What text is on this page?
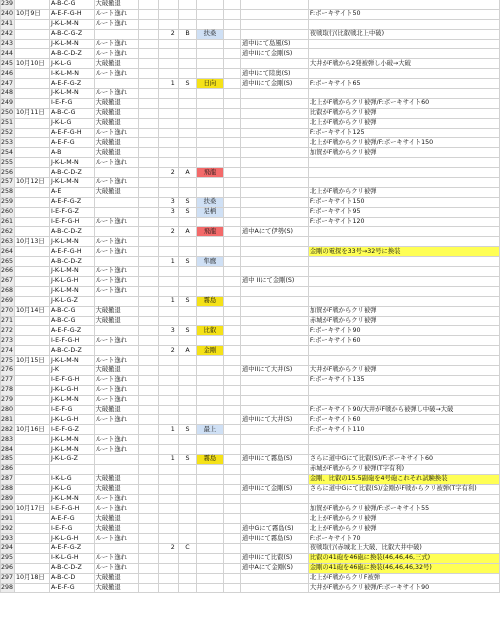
239		A-B-C-G	大破撤退							
240	10月9日	A-E-F-G-H	ルート逸れ							F:ボーキサイト50
241		J-K-L-M-N	ルート逸れ							
242		A-B-C-G-Z			2	B	扶桑			夜戦取行(比叡戦北上中破)
243		J-K-L-M-N	ルート逸れ						道中Iにて島風(S)	
244		A-B-C-D-Z	ルート逸れ						道中IIにて金剛(S)	
245	10月10日	J-K-L-G	大破撤退							大井がF戦から2発被弾し小破→大破
246		I-K-L-M-N	ルート逸れ						道中Iにて陸奥(S)	
247		A-E-F-G-Z			1	S	日向		道中IIにて金剛(S)	F:ボーキサイト65
248		J-K-L-M-N	ルート逸れ							
249		I-E-F-G	大破撤退							北上がF戦からクリ被弾/F:ボーキサイト60
250	10月11日	A-B-C-G	大破撤退							比叡がF戦からクリ被弾
251		J-K-L-G	大破撤退							北上がF戦からクリ被弾
252		A-E-F-G-H	ルート逸れ							F:ボーキサイト125
253		A-E-F-G	大破撤退							北上がF戦からクリ被弾/F:ボーキサイト150
254		A-B	大破撤退							加賀がF戦からクリ被弾
255		J-K-L-M-N	ルート逸れ							
256		A-B-C-D-Z			2	A	飛龍			
257	10月12日	J-K-L-M-N	ルート逸れ							
258		A-E	大破撤退							北上がF戦からクリ被弾
259		A-E-F-G-Z			3	S	扶桑			F:ボーキサイト150
260		I-E-F-G-Z			3	S	足柄			F:ボーキサイト95
261		I-E-F-G-H	ルート逸れ							F:ボーキサイト120
262		A-B-C-D-Z			2	A	飛龍		道中Aにて伊勢(S)	
263	10月13日	J-K-L-M-N	ルート逸れ							
264		A-E-F-G-H	ルート逸れ							金剛の電探を33号→32号に換装
265		A-B-C-D-Z			1	S	隼鷹			
266		J-K-L-M-N	ルート逸れ							
267		J-K-L-G-H	ルート逸れ						道中 IIにて金剛(S)	
268		J-K-L-M-N	ルート逸れ							
269		J-K-L-G-Z			1	S	霧島			
270	10月14日	A-B-C-G	大破撤退							加賀がF戦からクリ被弾
271		A-B-C-G	大破撤退							赤城がF戦からクリ被弾
272		A-E-F-G-Z			3	S	比叡			F:ボーキサイト90
273		I-E-F-G-H	ルート逸れ							F:ボーキサイト60
274		A-B-C-D-Z			2	A	金剛			
275	10月15日	J-K-L-M-N	ルート逸れ							
276		J-K	大破撤退						道中IIにて大井(S)	大井がF戦からクリ被弾
277		I-E-F-G-H	ルート逸れ							F:ボーキサイト135
278		J-K-L-G-H	ルート逸れ							
279		J-K-L-M-N	ルート逸れ							
280		I-E-F-G	大破撤退							F:ボーキサイト90/大井がF戦から被弾し中破→大破
281		J-K-L-G-H	ルート逸れ						道中IIにて大井(S)	F:ボーキサイト60
282	10月16日	I-E-F-G-Z			1	S	最上			F:ボーキサイト110
283		J-K-L-M-N	ルート逸れ							
284		J-K-L-M-N	ルート逸れ							
285		J-K-L-G-Z			1	S	霧島		道中IIにて霧島(S)	さらに道中Gにて比叡(S)/F:ボーキサイト60
286										赤城がF戦からクリ被弾(T字有利)
287		I-K-L-G	大破撤退							金剛、比叡の15.5副砲を4号砲これそれ試験換装
288		J-K-L-G	大破撤退						道中IIにて金剛(S)	さらに道中Gにて比叡(S)/金剛がF戦からクリ被弾(T字有利)
289		J-K-L-M-N	ルート逸れ							
290	10月17日	I-E-F-G-H	ルート逸れ							加賀がF戦からクリ被弾/F:ボーキサイト55
291		A-E-F-G	大破撤退							北上がF戦からクリ被弾
292		I-E-F-G	大破撤退						道中Gにて霧島(S)	北上がF戦からクリ被弾
293		J-K-L-G-H	ルート逸れ						道中IIにて霧島(S)	F:ボーキサイト70
294		A-E-F-G-Z			2	C				夜戦取行(赤城北上大破、比叡大井中破)
295		I-K-L-G-H	ルート逸れ						道中IIにて比叡(S)	比叡の41砲を46砲に換装(46,46,46,三式)
296		A-B-C-D-Z	ルート逸れ						道中Aにて金剛(S)	金剛の41砲を46砲に換装(46,46,46,32号)
297	10月18日	A-B-C-D	大破撤退							北上がF戦からクリF被弾
298		A-E-F-G	大破撤退							大井がF戦からクリ被弾/F:ボーキサイト90
